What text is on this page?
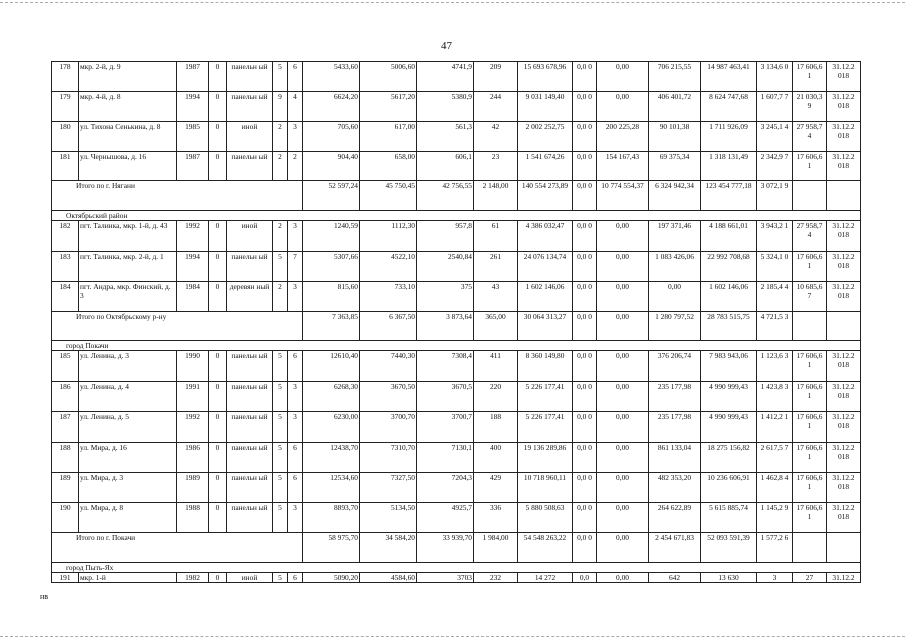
47
178	мкр. 2-й, д. 9	1987	0	панельн ый	5	6	5433,60	5006,60	4741,9	209	15 693 678,96	0,0 0	0,00	706 215,55	14 987 463,41	3 134,6 0	17 606,6 1	31.12.2 018
179	мкр. 4-й, д. 8	1994	0	панельн ый	9	4	6624,20	5617,20	5380,9	244	9 031 149,40	0,0 0	0,00	406 401,72	8 624 747,68	1 607,7 7	21 030,3 9	31.12.2 018
180	ул. Тихона Сенькина, д. 8	1985	0	иной	2	3	705,60	617,00	561,3	42	2 002 252,75	0,0 0	200 225,28	90 101,38	1 711 926,09	3 245,1 4	27 958,7 4	31.12.2 018
181	ул. Чернышова, д. 16	1987	0	панельн ый	2	2	904,40	658,00	606,1	23	1 541 674,26	0,0 0	154 167,43	69 375,34	1 318 131,49	2 342,9 7	17 606,6 1	31.12.2 018
Итого по г. Нягани							52 597,24	45 750,45	42 756,55	2 148,00	140 554 273,89	0,0 0	10 774 554,37	6 324 942,34	123 454 777,18	3 072,1 9		
Октябрьский район																		
182	пгт. Талинка, мкр. 1-й, д. 43	1992	0	иной	2	3	1240,59	1112,30	957,8	61	4 386 032,47	0,0 0	0,00	197 371,46	4 188 661,01	3 943,2 1	27 958,7 4	31.12.2 018
183	пгт. Талинка, мкр. 2-й, д. 1	1994	0	панельн ый	5	7	5307,66	4522,10	2540,84	261	24 076 134,74	0,0 0	0,00	1 083 426,06	22 992 708,68	5 324,1 0	17 606,6 1	31.12.2 018
184	пгт. Андра, мкр. Финский, д. 3	1984	0	деревян ный	2	3	815,60	733,10	375	43	1 602 146,06	0,0 0	0,00	0,00	1 602 146,06	2 185,4 4	10 685,6 7	31.12.2 018
Итого по Октябрьскому р-ну							7 363,85	6 367,50	3 873,64	365,00	30 064 313,27	0,0 0	0,00	1 280 797,52	28 783 515,75	4 721,5 3		
город Покачи																		
185	ул. Ленина, д. 3	1990	0	панельн ый	5	6	12610,40	7440,30	7308,4	411	8 360 149,80	0,0 0	0,00	376 206,74	7 983 943,06	1 123,6 3	17 606,6 1	31.12.2 018
186	ул. Ленина, д. 4	1991	0	панельн ый	5	3	6268,30	3670,50	3670,5	220	5 226 177,41	0,0 0	0,00	235 177,98	4 990 999,43	1 423,8 3	17 606,6 1	31.12.2 018
187	ул. Ленина, д. 5	1992	0	панельн ый	5	3	6230,00	3700,70	3700,7	188	5 226 177,41	0,0 0	0,00	235 177,98	4 990 999,43	1 412,2 1	17 606,6 1	31.12.2 018
188	ул. Мира, д. 16	1986	0	панельн ый	5	6	12438,70	7310,70	7130,1	400	19 136 289,86	0,0 0	0,00	861 133,04	18 275 156,82	2 617,5 7	17 606,6 1	31.12.2 018
189	ул. Мира, д. 3	1989	0	панельн ый	5	6	12534,60	7327,50	7204,3	429	10 718 960,11	0,0 0	0,00	482 353,20	10 236 606,91	1 462,8 4	17 606,6 1	31.12.2 018
190	ул. Мира, д. 8	1988	0	панельн ый	5	3	8893,70	5134,50	4925,7	336	5 880 508,63	0,0 0	0,00	264 622,89	5 615 885,74	1 145,2 9	17 606,6 1	31.12.2 018
Итого по г. Покачи							58 975,70	34 584,20	33 939,70	1 984,00	54 548 263,22	0,0 0	0,00	2 454 671,83	52 093 591,39	1 577,2 6		
город Пыть-Ях																		
191	мкр. 1-й	1982	0	иной	5	6	5090,20	4584,60	3703	232	14 272	0,0	0,00	642	13 630	3	27	31.12.2
нв
